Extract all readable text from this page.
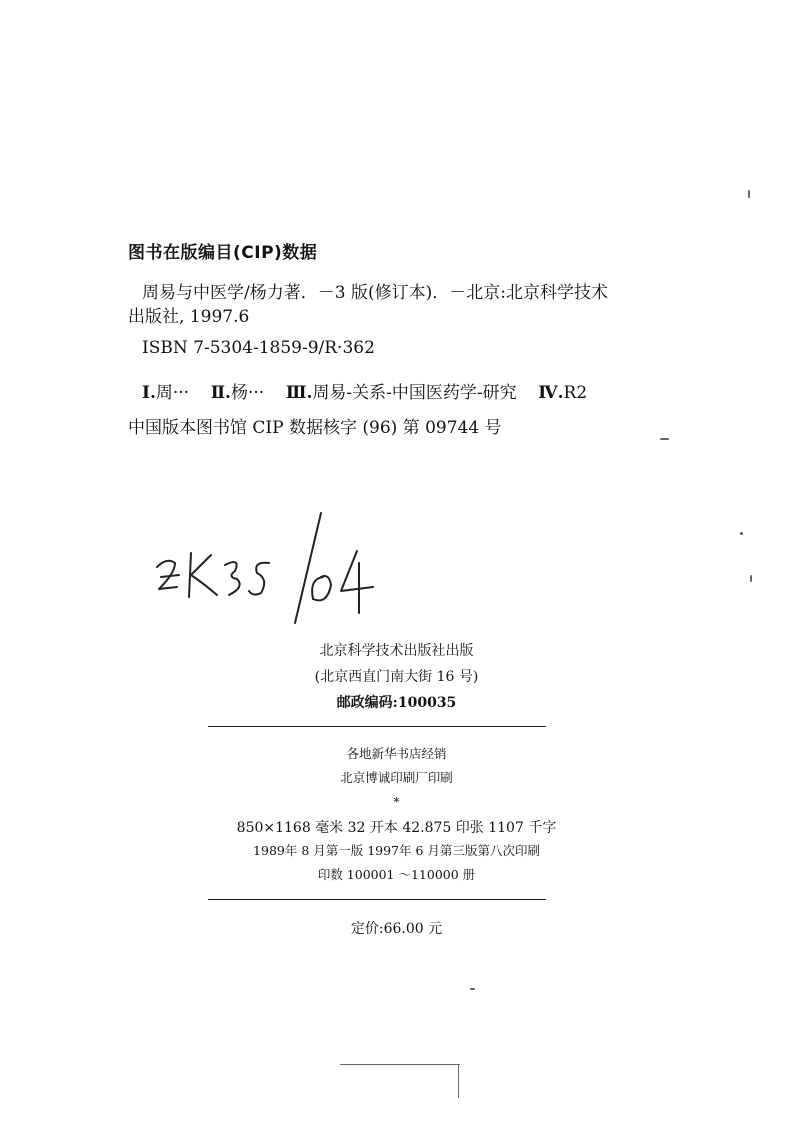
图书在版编目(CIP)数据
周易与中医学/杨力著．－3 版(修订本)．－北京:北京科学技术
出版社, 1997.6
ISBN 7-5304-1859-9/R·362
Ⅰ.周··· Ⅱ.杨··· Ⅲ.周易-关系-中国医药学-研究 Ⅳ.R2
中国版本图书馆 CIP 数据核字 (96) 第 09744 号
北京科学技术出版社出版
(北京西直门南大街 16 号)
邮政编码:100035
各地新华书店经销
北京博诚印刷厂印刷
*
850×1168 毫米 32 开本 42.875 印张 1107 千字
1989年 8 月第一版 1997年 6 月第三版第八次印刷
印数 100001 ～110000 册
定价:66.00 元
